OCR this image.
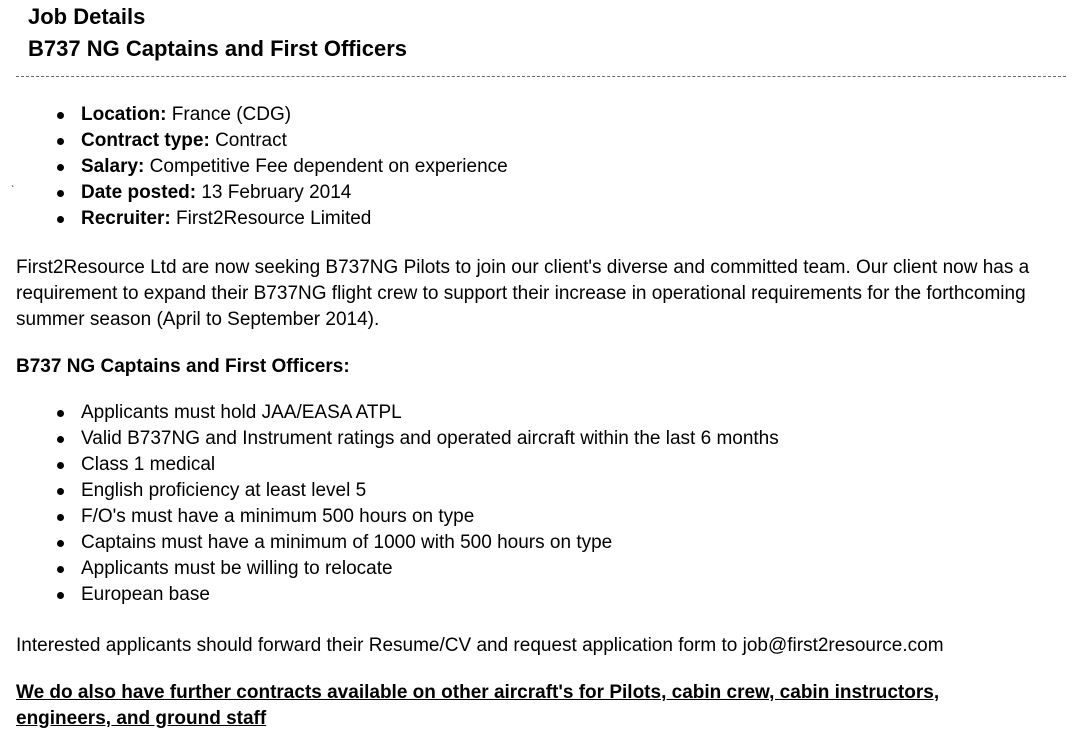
Job Details
B737 NG Captains and First Officers
`
Location: France (CDG)
Contract type: Contract
Salary: Competitive Fee dependent on experience
Date posted: 13 February 2014
Recruiter: First2Resource Limited

First2Resource Ltd are now seeking B737NG Pilots to join our client's diverse and committed team. Our client now has a requirement to expand their B737NG flight crew to support their increase in operational requirements for the forthcoming summer season (April to September 2014).

B737 NG Captains and First Officers:

Applicants must hold JAA/EASA ATPL
Valid B737NG and Instrument ratings and operated aircraft within the last 6 months
Class 1 medical
English proficiency at least level 5
F/O's must have a minimum 500 hours on type
Captains must have a minimum of 1000 with 500 hours on type
Applicants must be willing to relocate
European base

Interested applicants should forward their Resume/CV and request application form to job@first2resource.com

We do also have further contracts available on other aircraft's for Pilots, cabin crew, cabin instructors, engineers, and ground staff
